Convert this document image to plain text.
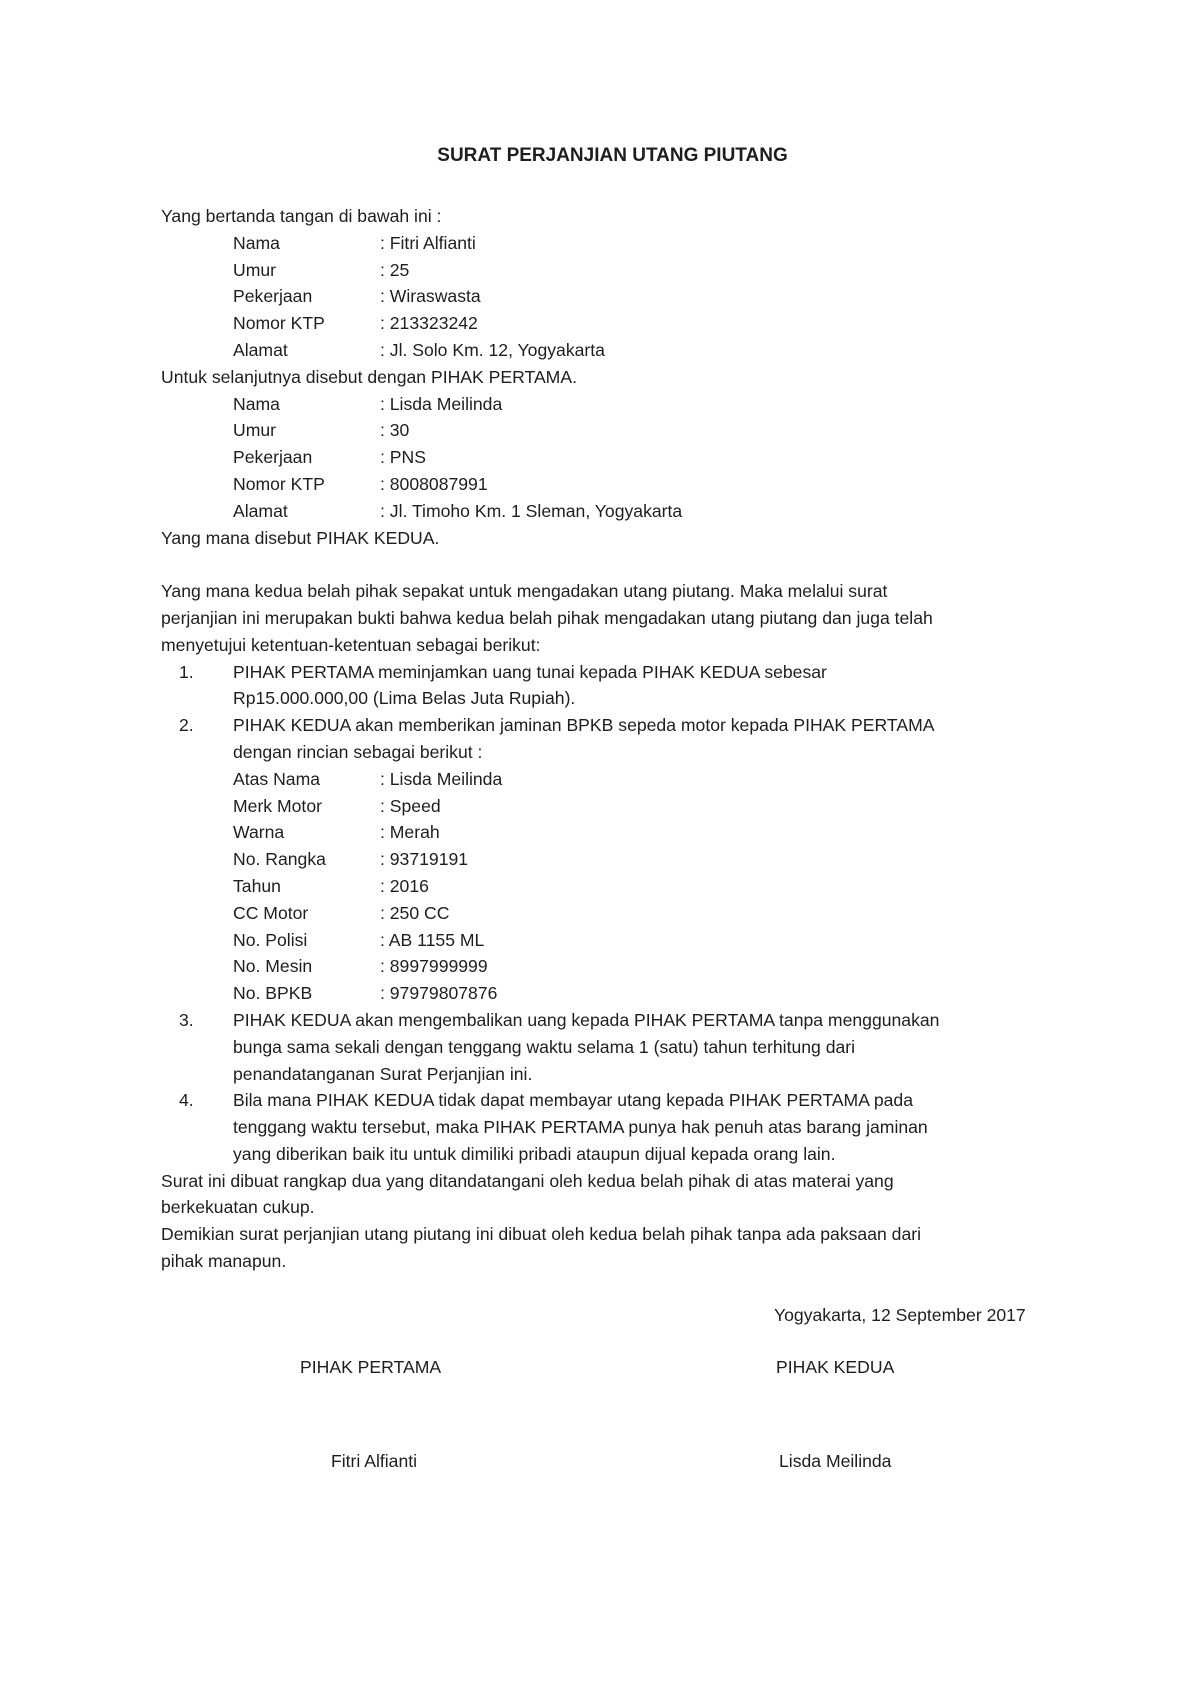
SURAT PERJANJIAN UTANG PIUTANG
Yang bertanda tangan di bawah ini :
Nama	: Fitri Alfianti
Umur	: 25
Pekerjaan	: Wiraswasta
Nomor KTP	: 213323242
Alamat	: Jl. Solo Km. 12, Yogyakarta
Untuk selanjutnya disebut dengan PIHAK PERTAMA.
Nama	: Lisda Meilinda
Umur	: 30
Pekerjaan	: PNS
Nomor KTP	: 8008087991
Alamat	: Jl. Timoho Km. 1 Sleman, Yogyakarta
Yang mana disebut PIHAK KEDUA.
Yang mana kedua belah pihak sepakat untuk mengadakan utang piutang. Maka melalui surat
perjanjian ini merupakan bukti bahwa kedua belah pihak mengadakan utang piutang dan juga telah
menyetujui ketentuan-ketentuan sebagai berikut:
1.	PIHAK PERTAMA meminjamkan uang tunai kepada PIHAK KEDUA sebesar
Rp15.000.000,00 (Lima Belas Juta Rupiah).
2.	PIHAK KEDUA akan memberikan jaminan BPKB sepeda motor kepada PIHAK PERTAMA
dengan rincian sebagai berikut :
Atas Nama	: Lisda Meilinda
Merk Motor	: Speed
Warna	: Merah
No. Rangka	: 93719191
Tahun	: 2016
CC Motor	: 250 CC
No. Polisi	: AB 1155 ML
No. Mesin	: 8997999999
No. BPKB	: 97979807876
3.	PIHAK KEDUA akan mengembalikan uang kepada PIHAK PERTAMA tanpa menggunakan
bunga sama sekali dengan tenggang waktu selama 1 (satu) tahun terhitung dari
penandatanganan Surat Perjanjian ini.
4.	Bila mana PIHAK KEDUA tidak dapat membayar utang kepada PIHAK PERTAMA pada
tenggang waktu tersebut, maka PIHAK PERTAMA punya hak penuh atas barang jaminan
yang diberikan baik itu untuk dimiliki pribadi ataupun dijual kepada orang lain.
Surat ini dibuat rangkap dua yang ditandatangani oleh kedua belah pihak di atas materai yang
berkekuatan cukup.
Demikian surat perjanjian utang piutang ini dibuat oleh kedua belah pihak tanpa ada paksaan dari
pihak manapun.
Yogyakarta, 12 September 2017
PIHAK PERTAMA	PIHAK KEDUA
Fitri Alfianti	Lisda Meilinda
